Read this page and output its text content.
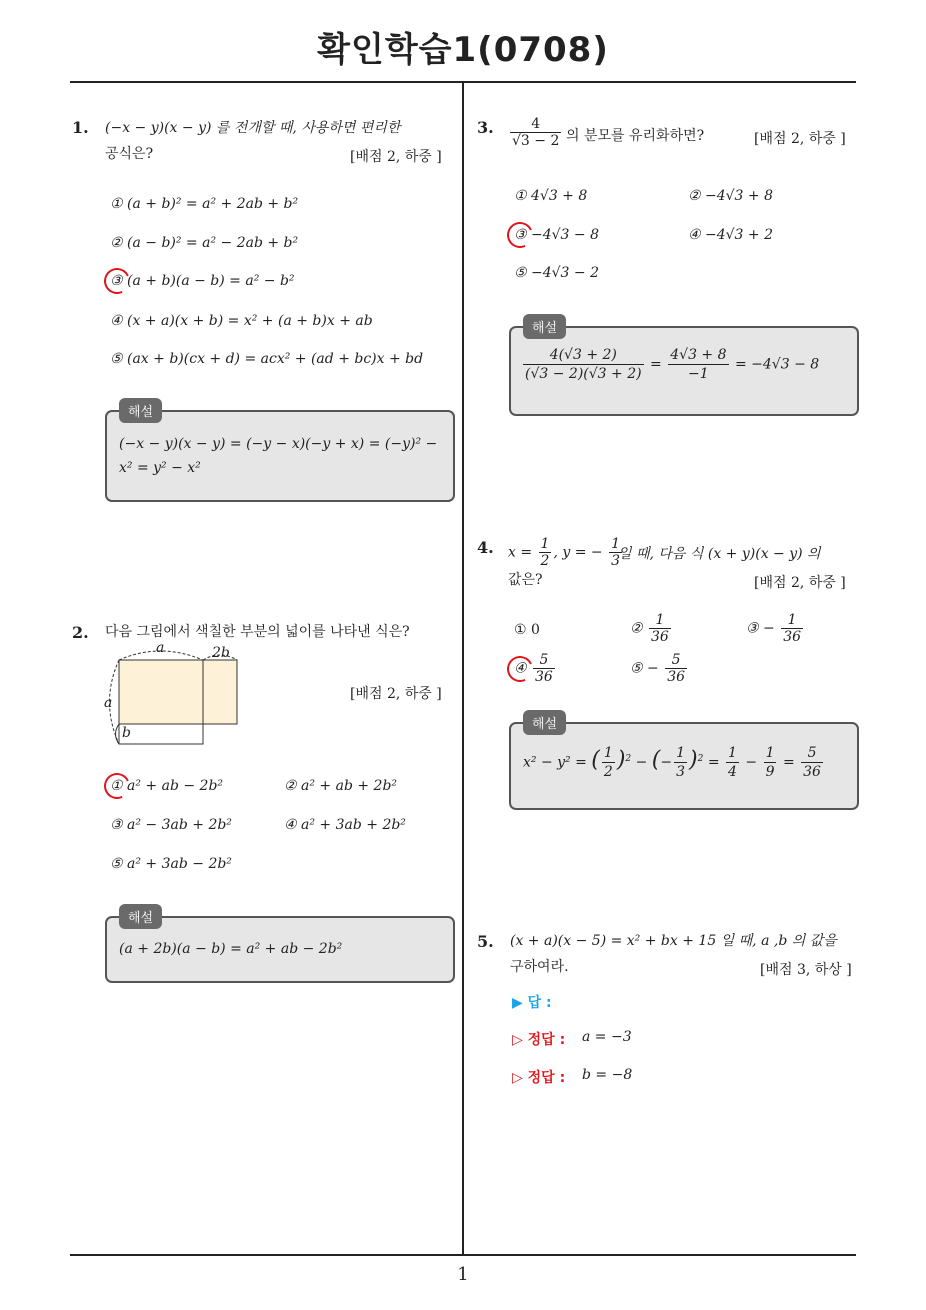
확인학습1(0708)
1
1. (−x − y)(x − y) 를 전개할 때, 사용하면 편리한
공식은?	[배점 2, 하중 ]
① (a + b)² = a² + 2ab + b²
② (a − b)² = a² − 2ab + b²
③ (a + b)(a − b) = a² − b²
④ (x + a)(x + b) = x² + (a + b)x + ab
⑤ (ax + b)(cx + d) = acx² + (ad + bc)x + bd
해설
(−x − y)(x − y) = (−y − x)(−y + x) = (−y)² −
x² = y² − x²
2. 다음 그림에서 색칠한 부분의 넓이를 나타낸 식은?
[배점 2, 하중 ]
a	2b
a
b
① a² + ab − 2b²	② a² + ab + 2b²
③ a² − 3ab + 2b²	④ a² + 3ab + 2b²
⑤ a² + 3ab − 2b²
해설
(a + 2b)(a − b) = a² + ab − 2b²
3. $\frac{4}{√3 - 2}$ 의 분모를 유리화하면?	[배점 2, 하중 ]
① 4√3 + 8	② −4√3 + 8
③ −4√3 − 8	④ −4√3 + 2
⑤ −4√3 − 2
해설
$\frac{4(√3 + 2)}{(√3 - 2)(√3 + 2)} = \frac{4√3 + 8}{-1} = -4√3 - 8$
4. $x = \frac{1}{2}$ , y = − $\frac{1}{3}$
일 때, 다음 식 (x + y)(x − y) 의
값은?	[배점 2, 하중 ]
① 0	② $\frac{1}{36}$	③ − $\frac{1}{36}$
④ $\frac{5}{36}$	⑤ − $\frac{5}{36}$
해설
x² − y² = ( $\frac{1}{2} )^2$ − (− $\frac{1}{3} )^2 = \frac{1}{4} - \frac{1}{9} = \frac{5}{36}$
5. (x + a)(x − 5) = x² + bx + 15 일 때, a ,b 의 값을
구하여라.	[배점 3, 하상 ]
▶ 답 :
▷ 정답 : a = −3
▷ 정답 : b = −8
